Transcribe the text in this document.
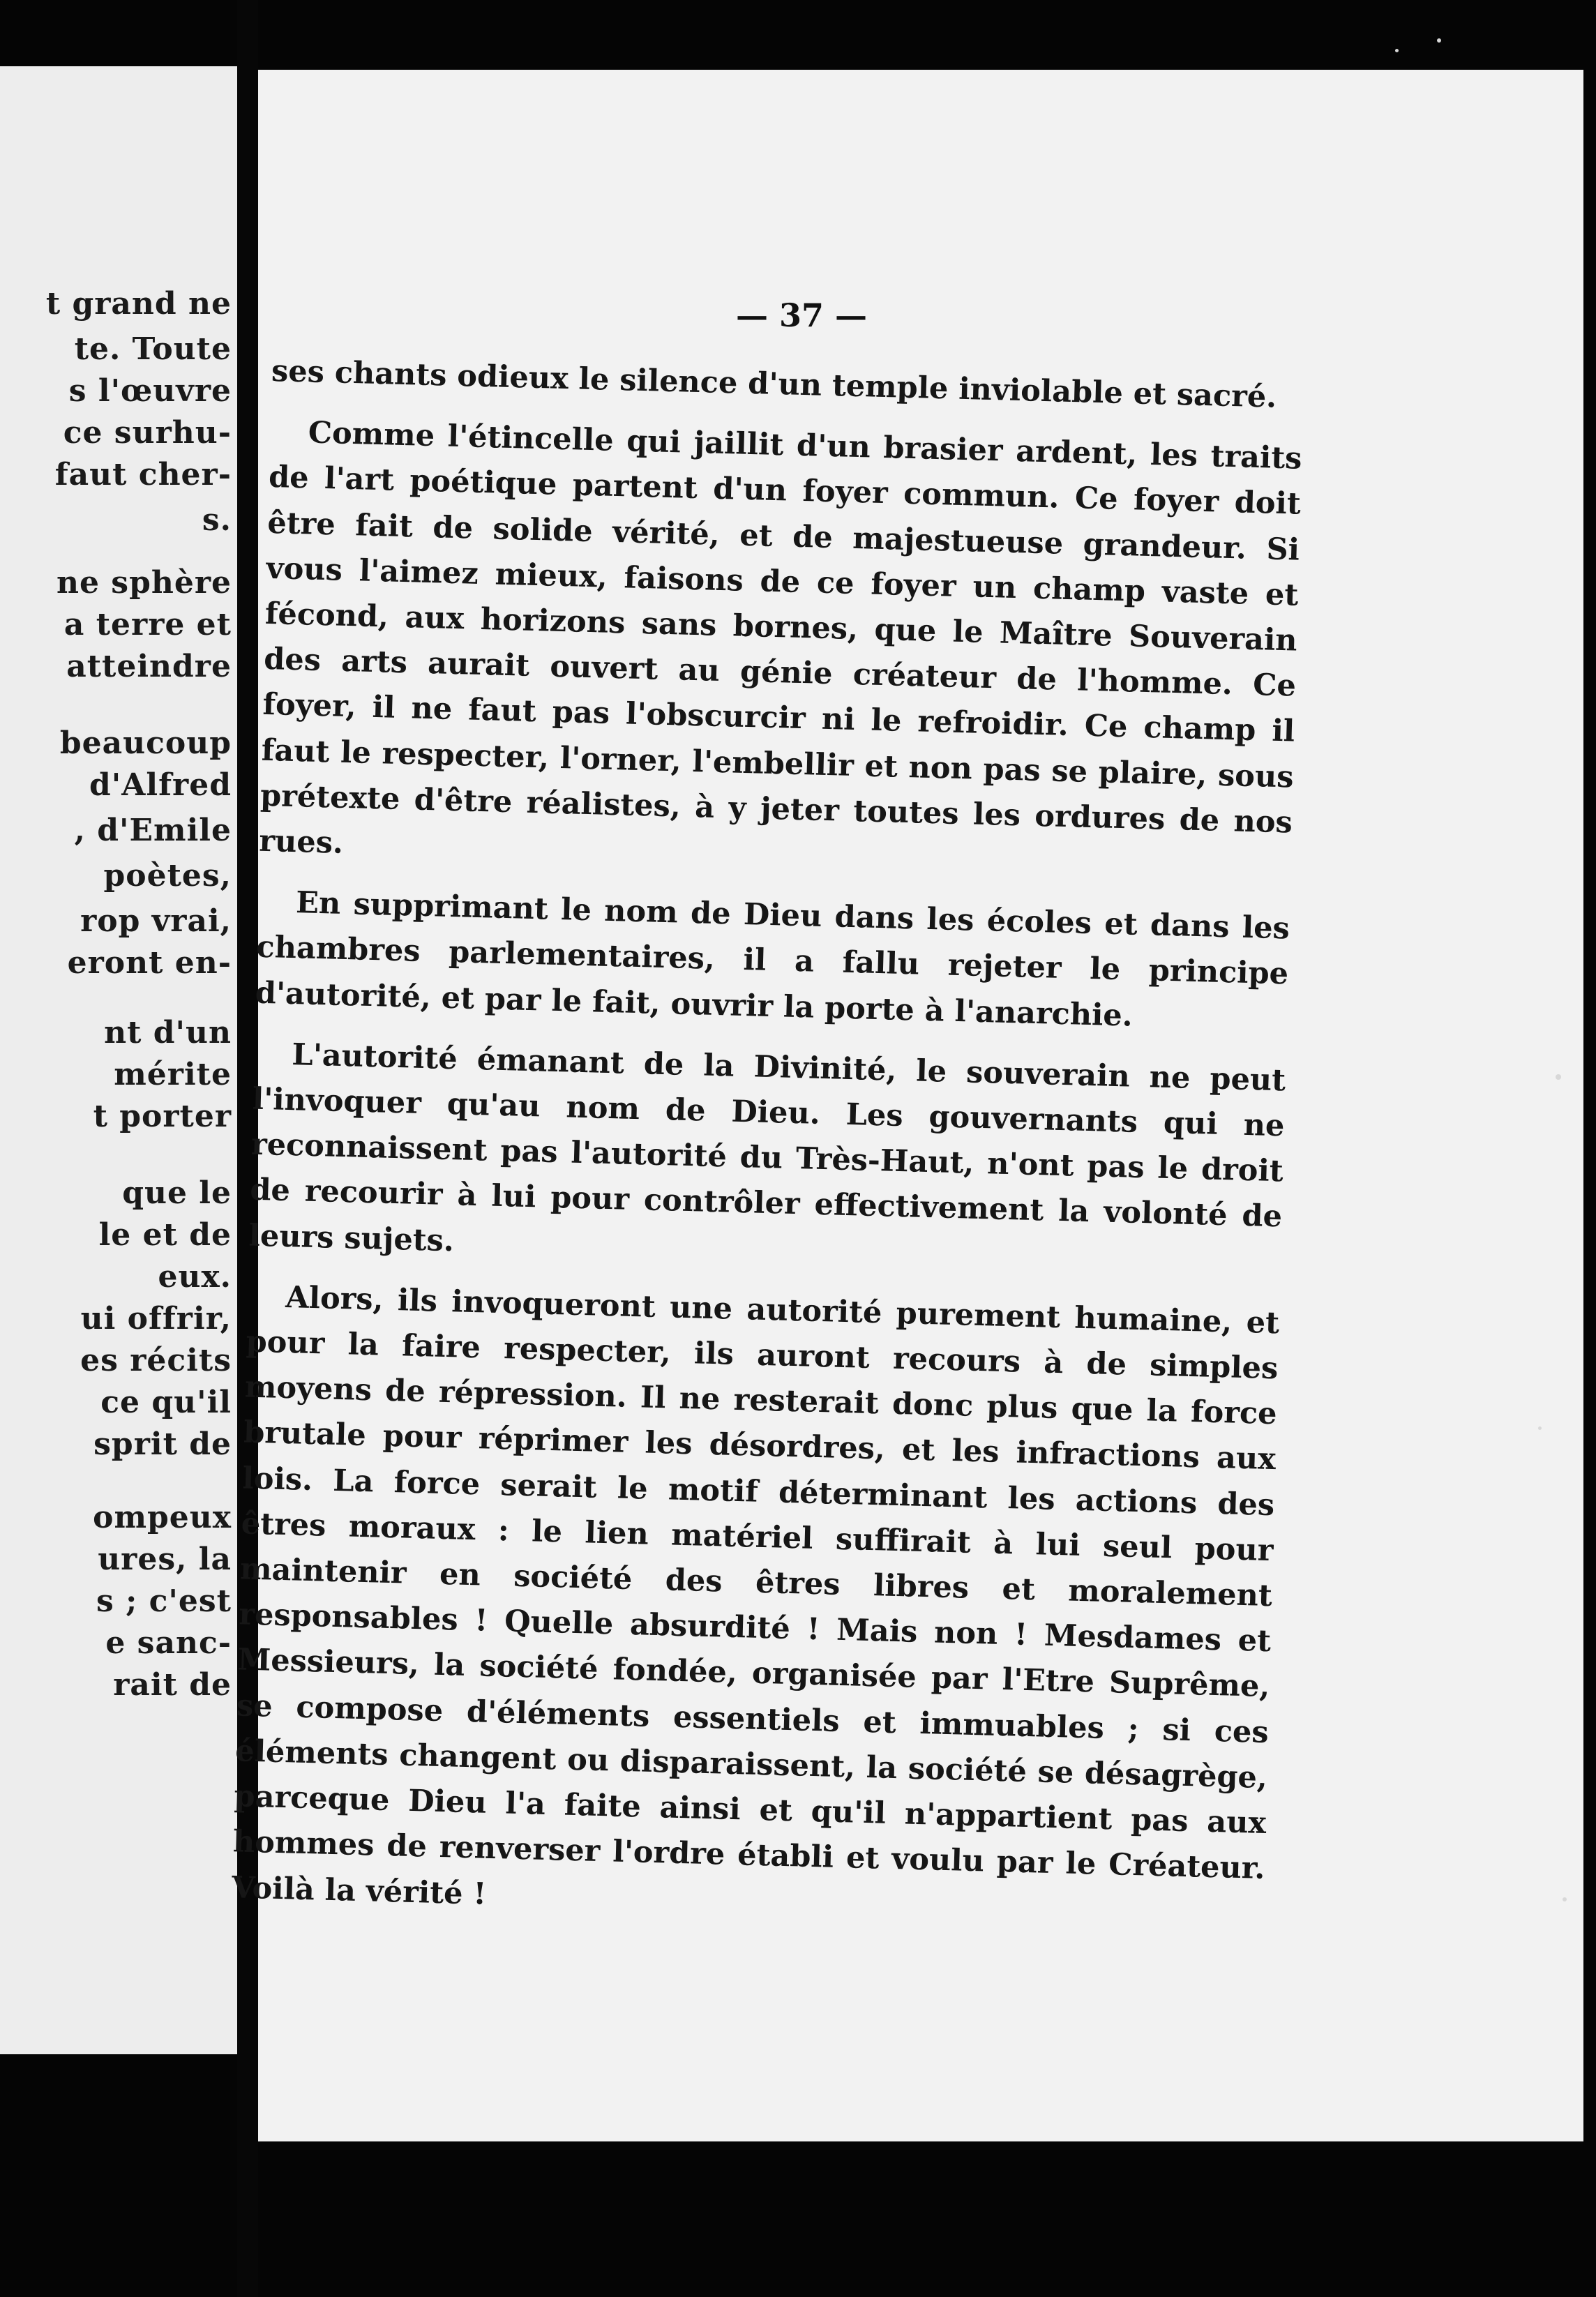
t grand ne
te. Toute
s l'œuvre
ce surhu-
faut cher-
s.
ne sphère
a terre et
atteindre
beaucoup
d'Alfred
, d'Emile
poètes,
rop vrai,
eront en-
nt d'un
mérite
t porter
que le
le et de
eux.
ui offrir,
es récits
ce qu'il
sprit de
ompeux
ures, la
s ; c'est
e sanc-
rait de
— 37 —

ses chants odieux le silence d'un temple inviolable et sacré.

Comme l'étincelle qui jaillit d'un brasier ardent, les traits de l'art poétique partent d'un foyer commun. Ce foyer doit être fait de solide vérité, et de majestueuse grandeur. Si vous l'aimez mieux, faisons de ce foyer un champ vaste et fécond, aux horizons sans bornes, que le Maître Souverain des arts aurait ouvert au génie créateur de l'homme. Ce foyer, il ne faut pas l'obscurcir ni le refroidir. Ce champ il faut le respecter, l'orner, l'embellir et non pas se plaire, sous prétexte d'être réalistes, à y jeter toutes les ordures de nos rues.

En supprimant le nom de Dieu dans les écoles et dans les chambres parlementaires, il a fallu rejeter le principe d'autorité, et par le fait, ouvrir la porte à l'anarchie.

L'autorité émanant de la Divinité, le souverain ne peut l'invoquer qu'au nom de Dieu. Les gouvernants qui ne reconnaissent pas l'autorité du Très-Haut, n'ont pas le droit de recourir à lui pour contrôler effectivement la volonté de leurs sujets.

Alors, ils invoqueront une autorité purement humaine, et pour la faire respecter, ils auront recours à de simples moyens de répression. Il ne resterait donc plus que la force brutale pour réprimer les désordres, et les infractions aux lois. La force serait le motif déterminant les actions des êtres moraux : le lien matériel suffirait à lui seul pour maintenir en société des êtres libres et moralement responsables ! Quelle absurdité ! Mais non ! Mesdames et Messieurs, la société fondée, organisée par l'Etre Suprême, se compose d'éléments essentiels et immuables ; si ces éléments changent ou disparaissent, la société se désagrège, parceque Dieu l'a faite ainsi et qu'il n'appartient pas aux hommes de renverser l'ordre établi et voulu par le Créateur. Voilà la vérité !
